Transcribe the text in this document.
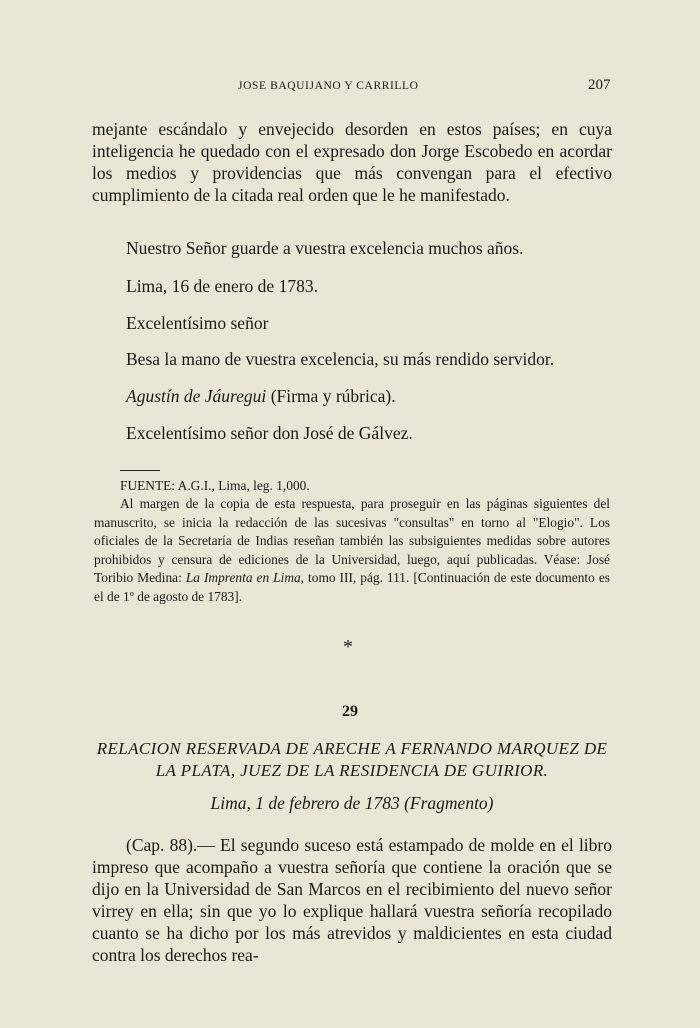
JOSE BAQUIJANO Y CARRILLO	207

mejante escándalo y envejecido desorden en estos países; en cuya inteligencia he quedado con el expresado don Jorge Escobedo en acordar los medios y providencias que más convengan para el efectivo cumplimiento de la citada real orden que le he manifestado.

Nuestro Señor guarde a vuestra excelencia muchos años.

Lima, 16 de enero de 1783.

Excelentísimo señor

Besa la mano de vuestra excelencia, su más rendido servidor.

Agustín de Jáuregui (Firma y rúbrica).

Excelentísimo señor don José de Gálvez.

FUENTE: A.G.I., Lima, leg. 1,000.

Al margen de la copia de esta respuesta, para proseguir en las páginas siguientes del manuscrito, se inicia la redacción de las sucesivas "consultas" en torno al "Elogio". Los oficiales de la Secretaría de Indias reseñan también las subsiguientes medidas sobre autores prohibidos y censura de ediciones de la Universidad, luego, aquí publicadas. Véase: José Toribio Medina: La Imprenta en Lima, tomo III, pág. 111. [Continuación de este documento es el de 1º de agosto de 1783].

*
29

RELACION RESERVADA DE ARECHE A FERNANDO MARQUEZ DE LA PLATA, JUEZ DE LA RESIDENCIA DE GUIRIOR.

Lima, 1 de febrero de 1783 (Fragmento)

(Cap. 88).— El segundo suceso está estampado de molde en el libro impreso que acompaño a vuestra señoría que contiene la oración que se dijo en la Universidad de San Marcos en el recibimiento del nuevo señor virrey en ella; sin que yo lo explique hallará vuestra señoría recopilado cuanto se ha dicho por los más atrevidos y maldicientes en esta ciudad contra los derechos rea-
